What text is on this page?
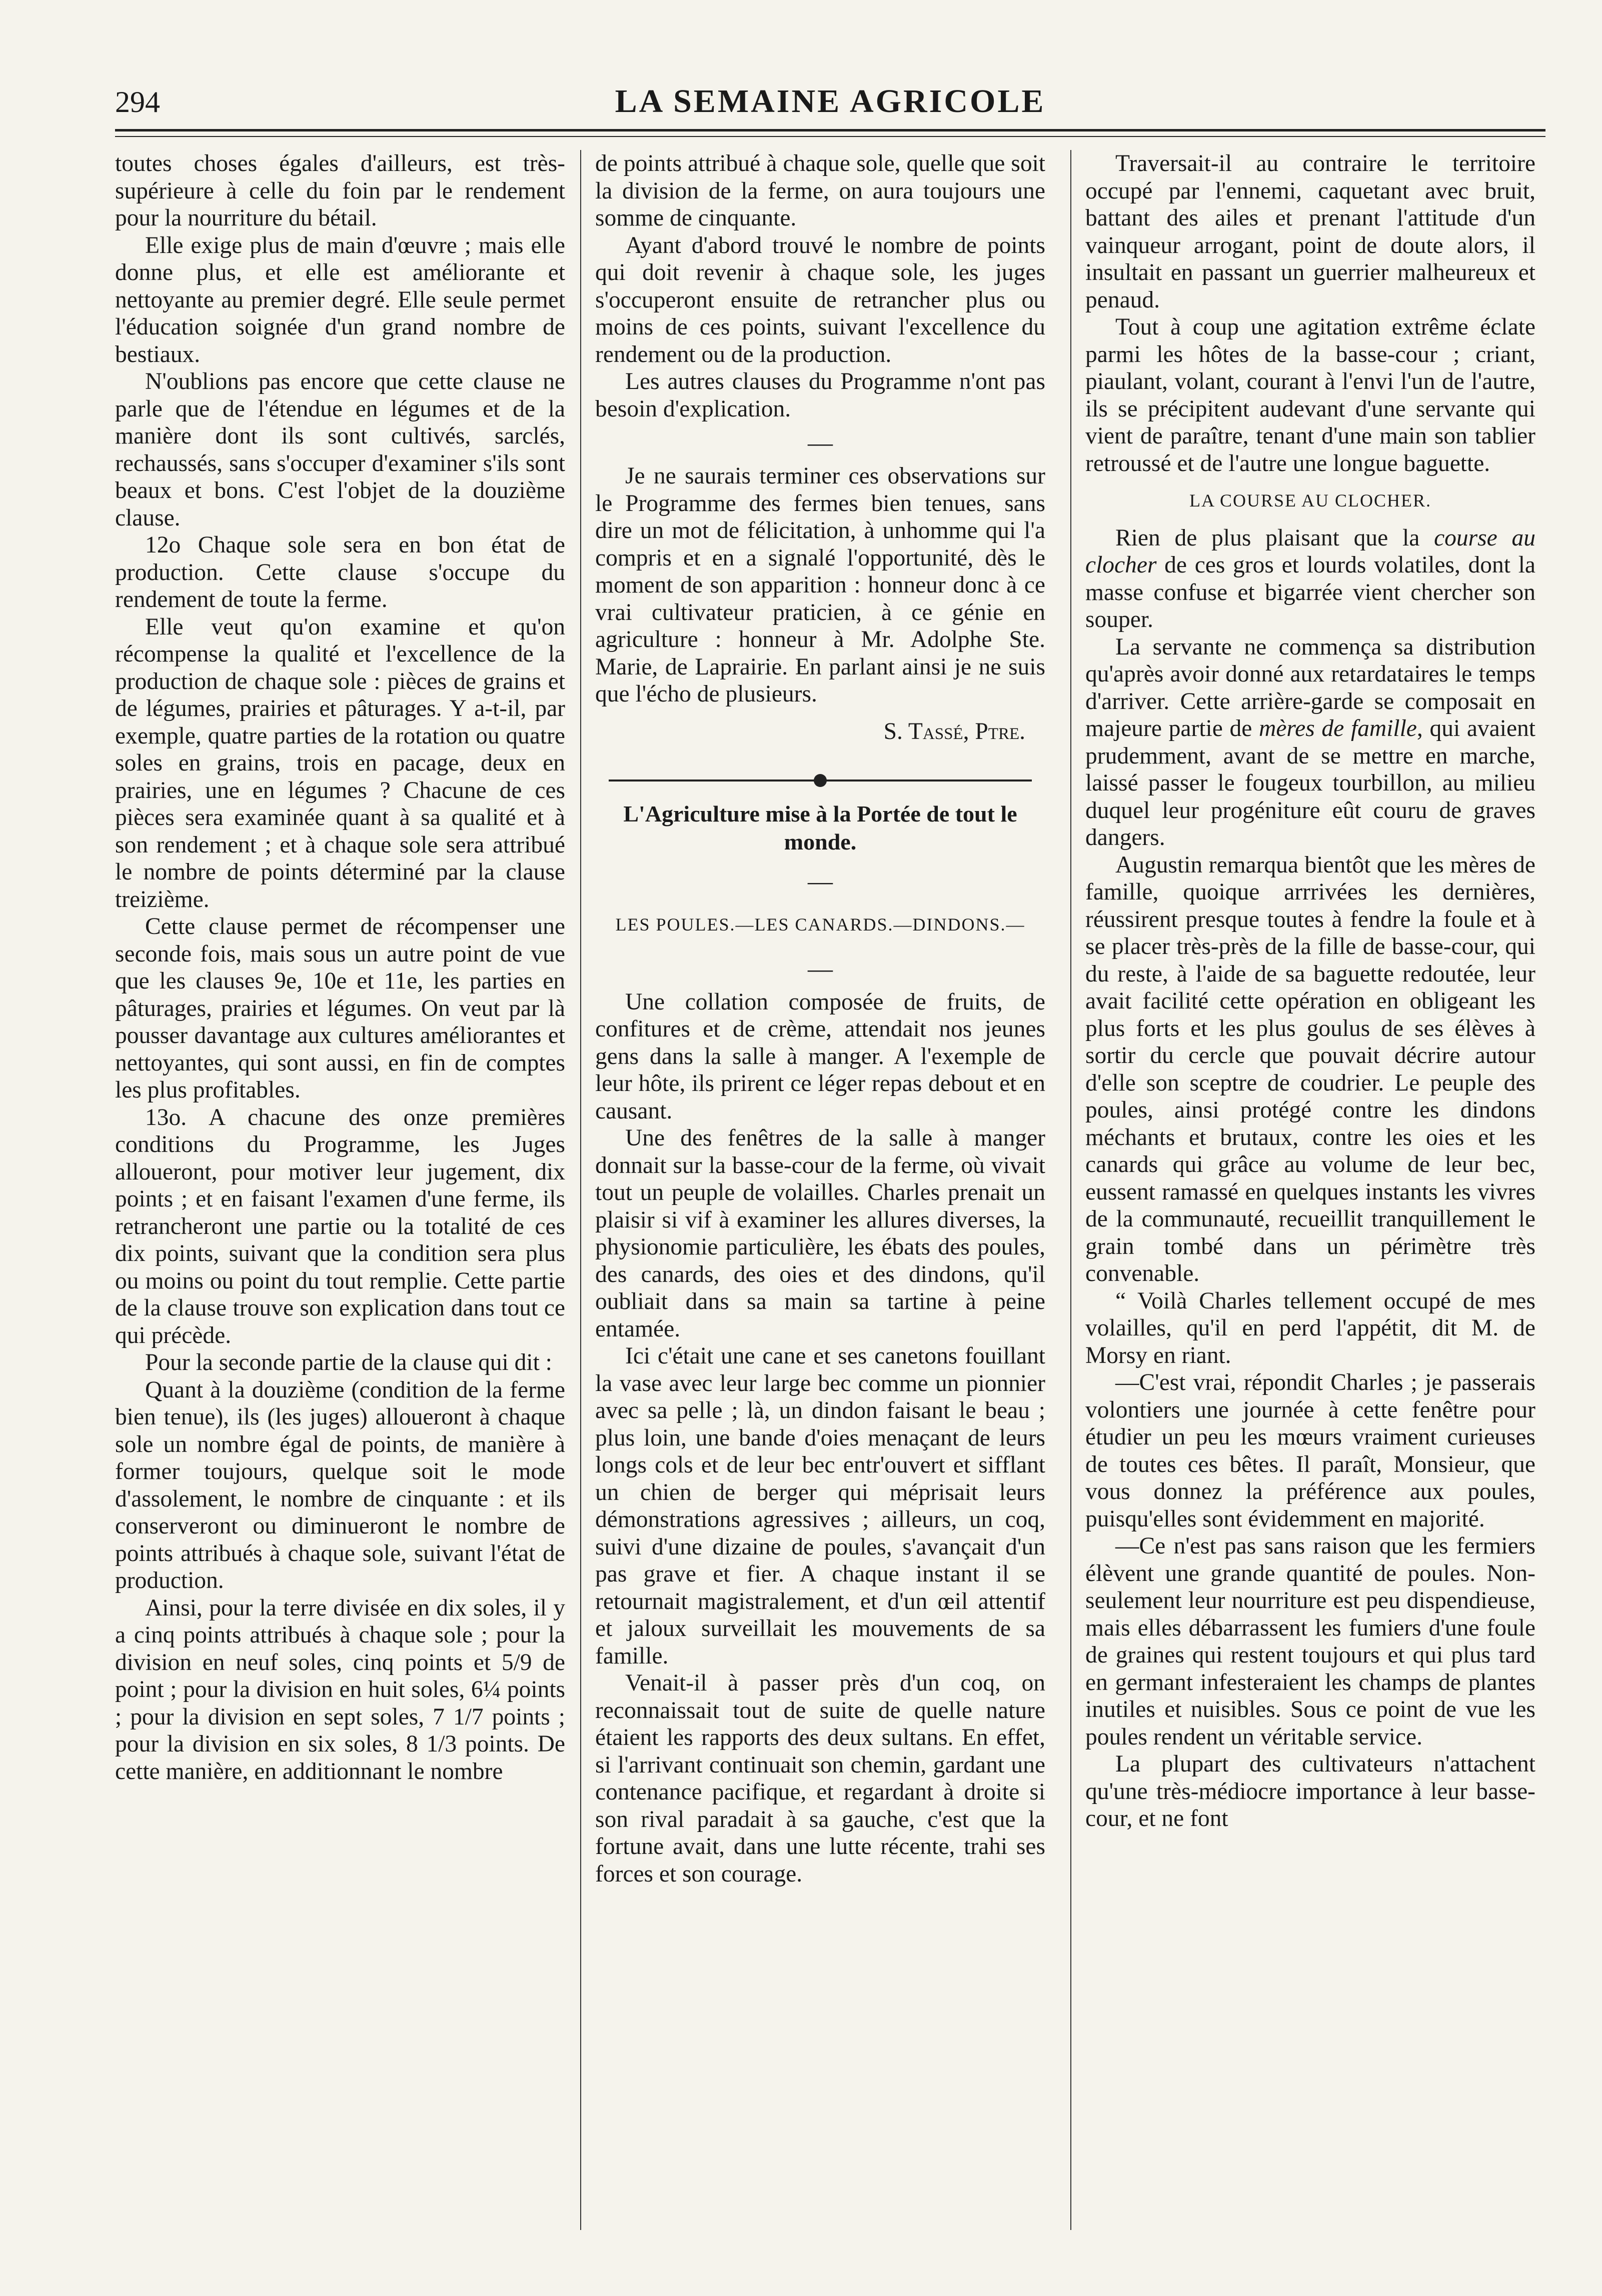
294	LA SEMAINE AGRICOLE

toutes choses égales d'ailleurs, est très-supérieure à celle du foin par le rendement pour la nourriture du bétail.

Elle exige plus de main d'œuvre ; mais elle donne plus, et elle est améliorante et nettoyante au premier degré. Elle seule permet l'éducation soignée d'un grand nombre de bestiaux.

N'oublions pas encore que cette clause ne parle que de l'étendue en légumes et de la manière dont ils sont cultivés, sarclés, rechaussés, sans s'occuper d'examiner s'ils sont beaux et bons. C'est l'objet de la douzième clause.

12o Chaque sole sera en bon état de production. Cette clause s'occupe du rendement de toute la ferme.

Elle veut qu'on examine et qu'on récompense la qualité et l'excellence de la production de chaque sole : pièces de grains et de légumes, prairies et pâturages. Y a-t-il, par exemple, quatre parties de la rotation ou quatre soles en grains, trois en pacage, deux en prairies, une en légumes ? Chacune de ces pièces sera examinée quant à sa qualité et à son rendement ; et à chaque sole sera attribué le nombre de points déterminé par la clause treizième.

Cette clause permet de récompenser une seconde fois, mais sous un autre point de vue que les clauses 9e, 10e et 11e, les parties en pâturages, prairies et légumes. On veut par là pousser davantage aux cultures améliorantes et nettoyantes, qui sont aussi, en fin de comptes les plus profitables.

13o. A chacune des onze premières conditions du Programme, les Juges alloueront, pour motiver leur jugement, dix points ; et en faisant l'examen d'une ferme, ils retrancheront une partie ou la totalité de ces dix points, suivant que la condition sera plus ou moins ou point du tout remplie. Cette partie de la clause trouve son explication dans tout ce qui précède.

Pour la seconde partie de la clause qui dit :

Quant à la douzième (condition de la ferme bien tenue), ils (les juges) alloueront à chaque sole un nombre égal de points, de manière à former toujours, quelque soit le mode d'assolement, le nombre de cinquante : et ils conserveront ou diminueront le nombre de points attribués à chaque sole, suivant l'état de production.

Ainsi, pour la terre divisée en dix soles, il y a cinq points attribués à chaque sole ; pour la division en neuf soles, cinq points et 5/9 de point ; pour la division en huit soles, 6¼ points ; pour la division en sept soles, 7 1/7 points ; pour la division en six soles, 8 1/3 points. De cette manière, en additionnant le nombre

de points attribué à chaque sole, quelle que soit la division de la ferme, on aura toujours une somme de cinquante.

Ayant d'abord trouvé le nombre de points qui doit revenir à chaque sole, les juges s'occuperont ensuite de retrancher plus ou moins de ces points, suivant l'excellence du rendement ou de la production.

Les autres clauses du Programme n'ont pas besoin d'explication.

—

Je ne saurais terminer ces observations sur le Programme des fermes bien tenues, sans dire un mot de félicitation, à unhomme qui l'a compris et en a signalé l'opportunité, dès le moment de son apparition : honneur donc à ce vrai cultivateur praticien, à ce génie en agriculture : honneur à Mr. Adolphe Ste. Marie, de Laprairie. En parlant ainsi je ne suis que l'écho de plusieurs.

S. Tassé, Ptre.
L'Agriculture mise à la Portée de tout le monde.
—
LES POULES.—LES CANARDS.—DINDONS.—
—

Une collation composée de fruits, de confitures et de crème, attendait nos jeunes gens dans la salle à manger. A l'exemple de leur hôte, ils prirent ce léger repas debout et en causant.

Une des fenêtres de la salle à manger donnait sur la basse-cour de la ferme, où vivait tout un peuple de volailles. Charles prenait un plaisir si vif à examiner les allures diverses, la physionomie particulière, les ébats des poules, des canards, des oies et des dindons, qu'il oubliait dans sa main sa tartine à peine entamée.

Ici c'était une cane et ses canetons fouillant la vase avec leur large bec comme un pionnier avec sa pelle ; là, un dindon faisant le beau ; plus loin, une bande d'oies menaçant de leurs longs cols et de leur bec entr'ouvert et sifflant un chien de berger qui méprisait leurs démonstrations agressives ; ailleurs, un coq, suivi d'une dizaine de poules, s'avançait d'un pas grave et fier. A chaque instant il se retournait magistralement, et d'un œil attentif et jaloux surveillait les mouvements de sa famille.

Venait-il à passer près d'un coq, on reconnaissait tout de suite de quelle nature étaient les rapports des deux sultans. En effet, si l'arrivant continuait son chemin, gardant une contenance pacifique, et regardant à droite si son rival paradait à sa gauche, c'est que la fortune avait, dans une lutte récente, trahi ses forces et son courage.

Traversait-il au contraire le territoire occupé par l'ennemi, caquetant avec bruit, battant des ailes et prenant l'attitude d'un vainqueur arrogant, point de doute alors, il insultait en passant un guerrier malheureux et penaud.

Tout à coup une agitation extrême éclate parmi les hôtes de la basse-cour ; criant, piaulant, volant, courant à l'envi l'un de l'autre, ils se précipitent audevant d'une servante qui vient de paraître, tenant d'une main son tablier retroussé et de l'autre une longue baguette.

LA COURSE AU CLOCHER.

Rien de plus plaisant que la course au clocher de ces gros et lourds volatiles, dont la masse confuse et bigarrée vient chercher son souper.

La servante ne commença sa distribution qu'après avoir donné aux retardataires le temps d'arriver. Cette arrière-garde se composait en majeure partie de mères de famille, qui avaient prudemment, avant de se mettre en marche, laissé passer le fougeux tourbillon, au milieu duquel leur progéniture eût couru de graves dangers.

Augustin remarqua bientôt que les mères de famille, quoique arrrivées les dernières, réussirent presque toutes à fendre la foule et à se placer très-près de la fille de basse-cour, qui du reste, à l'aide de sa baguette redoutée, leur avait facilité cette opération en obligeant les plus forts et les plus goulus de ses élèves à sortir du cercle que pouvait décrire autour d'elle son sceptre de coudrier. Le peuple des poules, ainsi protégé contre les dindons méchants et brutaux, contre les oies et les canards qui grâce au volume de leur bec, eussent ramassé en quelques instants les vivres de la communauté, recueillit tranquillement le grain tombé dans un périmètre très convenable.

“ Voilà Charles tellement occupé de mes volailles, qu'il en perd l'appétit, dit M. de Morsy en riant.

—C'est vrai, répondit Charles ; je passerais volontiers une journée à cette fenêtre pour étudier un peu les mœurs vraiment curieuses de toutes ces bêtes. Il paraît, Monsieur, que vous donnez la préférence aux poules, puisqu'elles sont évidemment en majorité.

—Ce n'est pas sans raison que les fermiers élèvent une grande quantité de poules. Non-seulement leur nourriture est peu dispendieuse, mais elles débarrassent les fumiers d'une foule de graines qui restent toujours et qui plus tard en germant infesteraient les champs de plantes inutiles et nuisibles. Sous ce point de vue les poules rendent un véritable service.

La plupart des cultivateurs n'attachent qu'une très-médiocre importance à leur basse-cour, et ne font
